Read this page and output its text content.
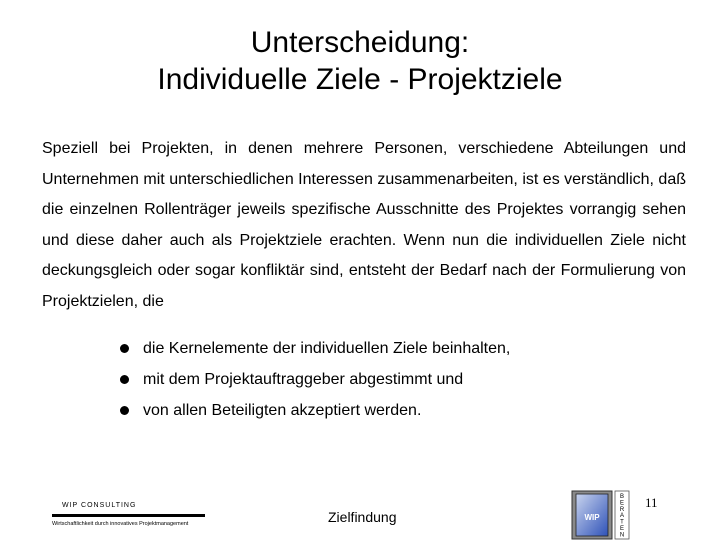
Unterscheidung:
Individuelle Ziele - Projektziele
Speziell bei Projekten, in denen mehrere Personen, verschiedene Abteilungen und Unternehmen mit unterschiedlichen Interessen zusammenarbeiten, ist es verständlich, daß die einzelnen Rollenträger jeweils spezifische Ausschnitte des Projektes vorrangig sehen und diese daher auch als Projektziele erachten. Wenn nun die individuellen Ziele nicht deckungsgleich oder sogar konfliktär sind, entsteht der Bedarf nach der Formulierung von Projektzielen, die
die Kernelemente der individuellen Ziele beinhalten,
mit dem Projektauftraggeber abgestimmt und
von allen Beteiligten akzeptiert werden.
WIP CONSULTING
Wirtschaftlichkeit durch innovatives Projektmanagement	Zielfindung
11
WIP
B
E
R
A
T
E
N
